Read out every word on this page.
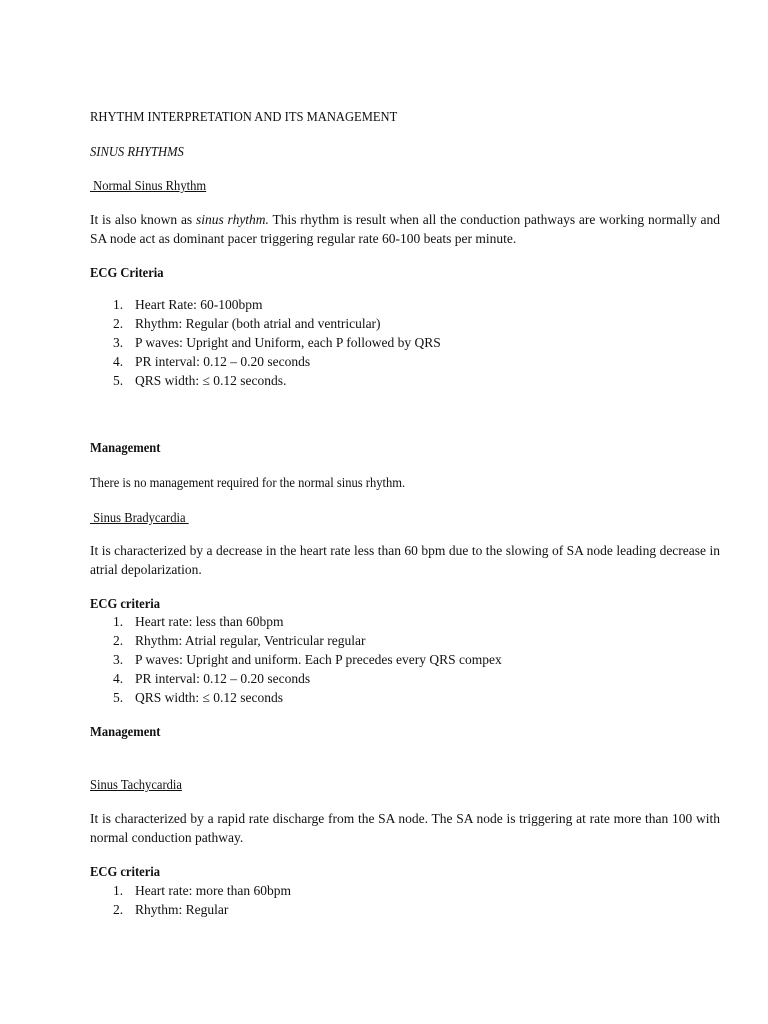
RHYTHM INTERPRETATION AND ITS MANAGEMENT
SINUS RHYTHMS
Normal Sinus Rhythm
It is also known as sinus rhythm. This rhythm is result when all the conduction pathways are working normally and SA node act as dominant pacer triggering regular rate 60-100 beats per minute.
ECG Criteria
1. Heart Rate: 60-100bpm
2. Rhythm: Regular (both atrial and ventricular)
3. P waves: Upright and Uniform, each P followed by QRS
4. PR interval: 0.12 – 0.20 seconds
5. QRS width: ≤ 0.12 seconds.
Management
There is no management required for the normal sinus rhythm.
Sinus Bradycardia
It is characterized by a decrease in the heart rate less than 60 bpm due to the slowing of SA node leading decrease in atrial depolarization.
ECG criteria
1. Heart rate: less than 60bpm
2. Rhythm: Atrial regular, Ventricular regular
3. P waves: Upright and uniform. Each P precedes every QRS compex
4. PR interval: 0.12 – 0.20 seconds
5. QRS width: ≤ 0.12 seconds
Management
Sinus Tachycardia
It is characterized by a rapid rate discharge from the SA node. The SA node is triggering at rate more than 100 with normal conduction pathway.
ECG criteria
1. Heart rate: more than 60bpm
2. Rhythm: Regular
